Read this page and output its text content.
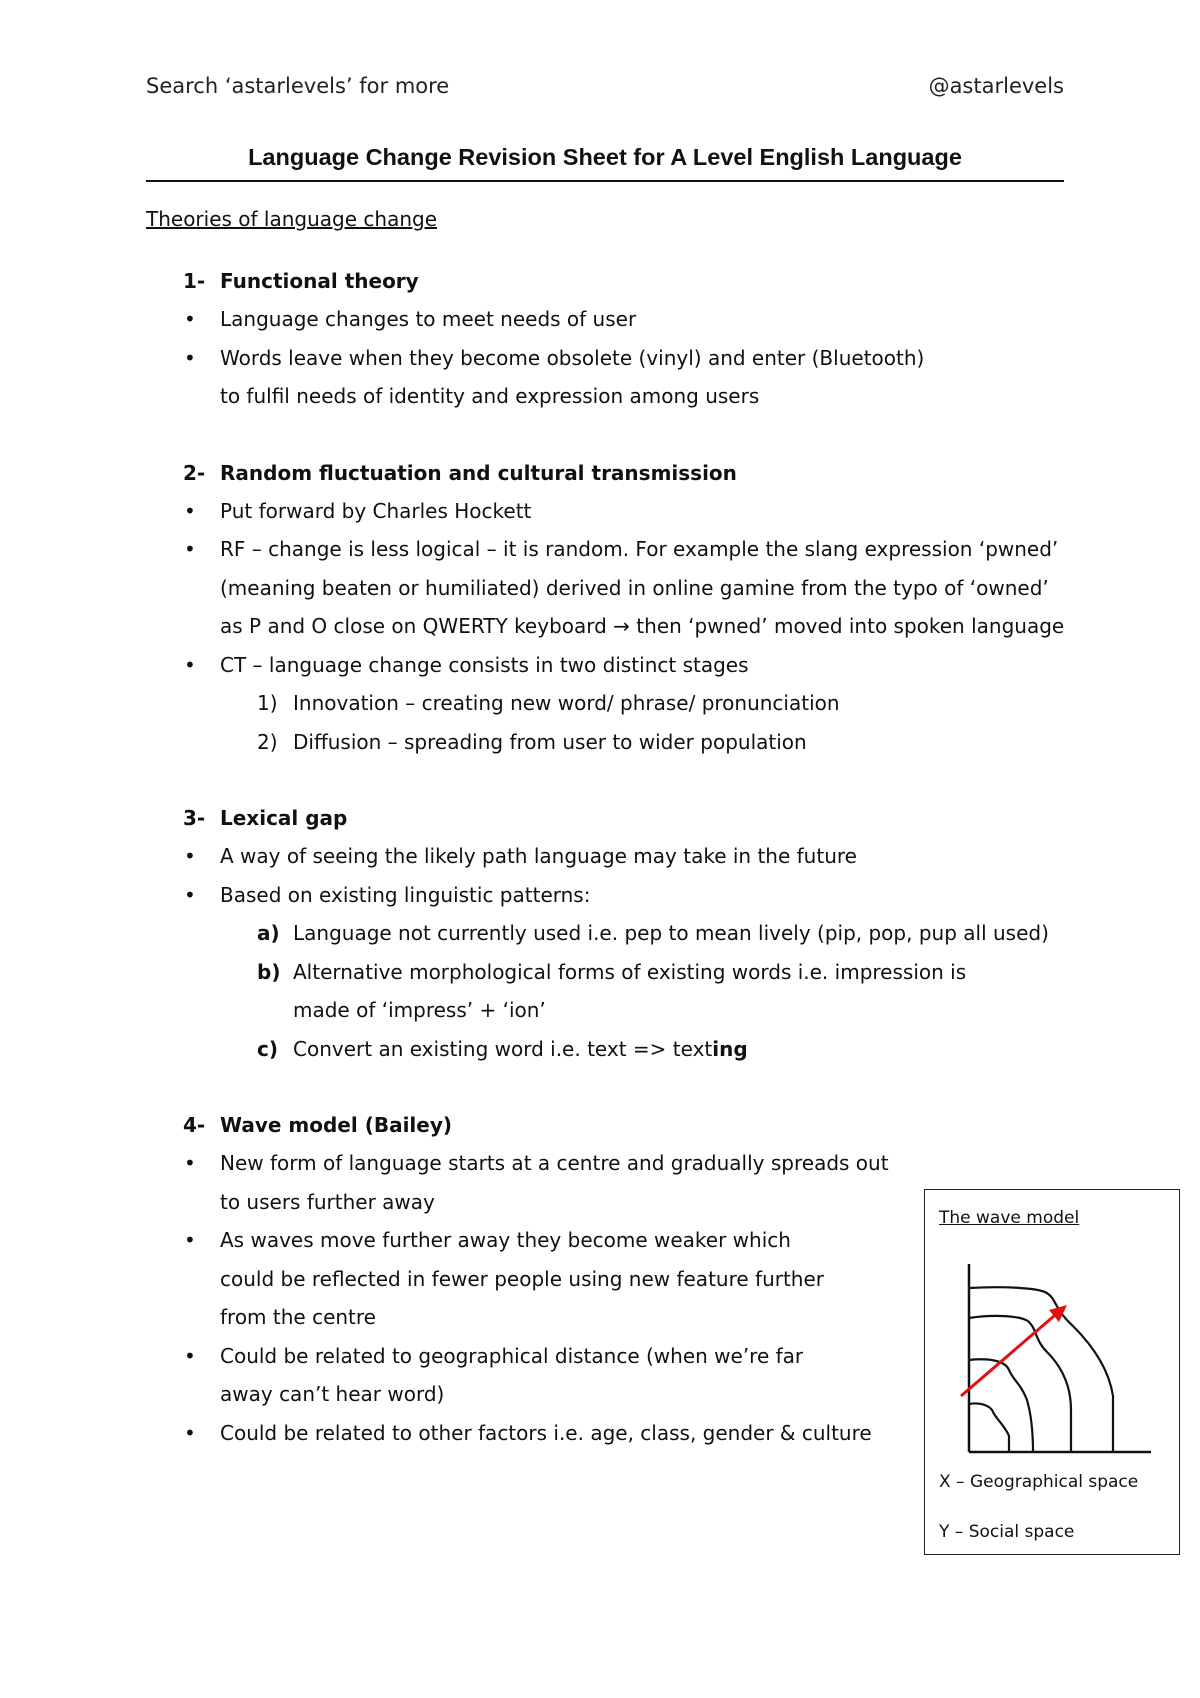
Search ‘astarlevels’ for more	@astarlevels
Language Change Revision Sheet for A Level English Language
Theories of language change
1- Functional theory
• Language changes to meet needs of user
• Words leave when they become obsolete (vinyl) and enter (Bluetooth) to fulfil needs of identity and expression among users
2- Random fluctuation and cultural transmission
• Put forward by Charles Hockett
• RF – change is less logical – it is random. For example the slang expression ‘pwned’ (meaning beaten or humiliated) derived in online gamine from the typo of ‘owned’ as P and O close on QWERTY keyboard → then ‘pwned’ moved into spoken language
• CT – language change consists in two distinct stages
1) Innovation – creating new word/ phrase/ pronunciation
2) Diffusion – spreading from user to wider population
3- Lexical gap
• A way of seeing the likely path language may take in the future
• Based on existing linguistic patterns:
a) Language not currently used i.e. pep to mean lively (pip, pop, pup all used)
b) Alternative morphological forms of existing words i.e. impression is made of ‘impress’ + ‘ion’
c) Convert an existing word i.e. text => texting
4- Wave model (Bailey)
• New form of language starts at a centre and gradually spreads out to users further away
• As waves move further away they become weaker which could be reflected in fewer people using new feature further from the centre
• Could be related to geographical distance (when we’re far away can’t hear word)
• Could be related to other factors i.e. age, class, gender & culture
The wave model
X – Geographical space
Y – Social space
